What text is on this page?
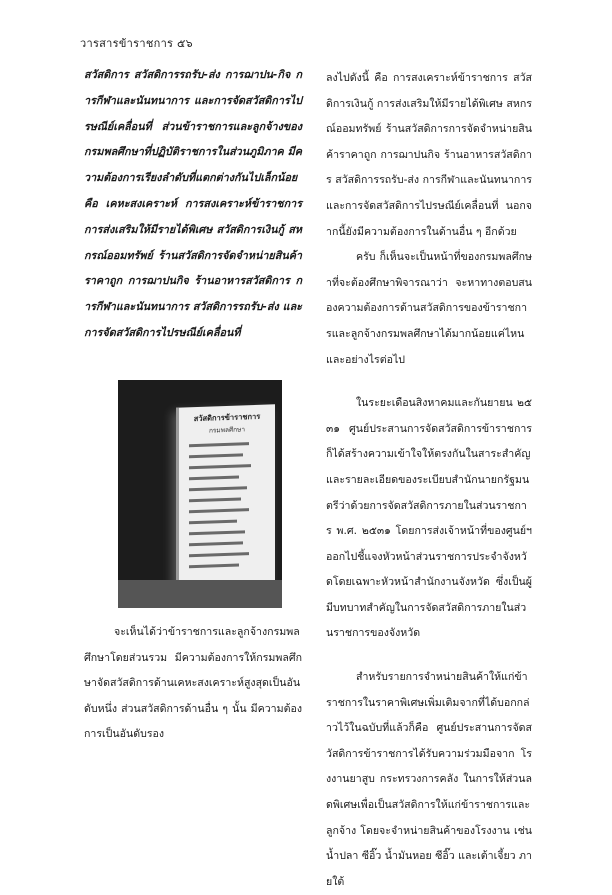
วารสารข้าราชการ ๕๖

สวัสดิการ สวัสดิการรถรับ-ส่ง การฌาปน-กิจ การกีฬาและนันทนาการ และการจัดสวัสดิการไปรษณีย์เคลื่อนที่ ส่วนข้าราชการและลูกจ้างของกรมพลศึกษาที่ปฏิบัติราชการในส่วนภูมิภาค มีความต้องการเรียงลำดับที่แตกต่างกันไปเล็กน้อย คือ เคหะสงเคราะห์ การสงเคราะห์ข้าราชการ การส่งเสริมให้มีรายได้พิเศษ สวัสดิการเงินกู้ สหกรณ์ออมทรัพย์ ร้านสวัสดิการจัดจำหน่ายสินค้าราคาถูก การฌาปนกิจ ร้านอาหารสวัสดิการ การกีฬาและนันทนาการ สวัสดิการรถรับ-ส่ง และการจัดสวัสดิการไปรษณีย์เคลื่อนที่

สวัสดิการข้าราชการ
กรมพลศึกษา

จะเห็นได้ว่าข้าราชการและลูกจ้างกรมพลศึกษาโดยส่วนรวม มีความต้องการให้กรมพลศึกษาจัดสวัสดิการด้านเคหะสงเคราะห์สูงสุดเป็นอันดับหนึ่ง ส่วนสวัสดิการด้านอื่น ๆ นั้น มีความต้องการเป็นอันดับรอง

ลงไปดังนี้ คือ การสงเคราะห์ข้าราชการ สวัสดิการเงินกู้ การส่งเสริมให้มีรายได้พิเศษ สหกรณ์ออมทรัพย์ ร้านสวัสดิการการจัดจำหน่ายสินค้าราคาถูก การฌาปนกิจ ร้านอาหารสวัสดิการ สวัสดิการรถรับ-ส่ง การกีฬาและนันทนาการ และการจัดสวัสดิการไปรษณีย์เคลื่อนที่ นอกจากนี้ยังมีความต้องการในด้านอื่น ๆ อีกด้วย

ครับ ก็เห็นจะเป็นหน้าที่ของกรมพลศึกษาที่จะต้องศึกษาพิจารณาว่า จะหาทางตอบสนองความต้องการด้านสวัสดิการของข้าราชการและลูกจ้างกรมพลศึกษาได้มากน้อยแค่ไหน และอย่างไรต่อไป

ในระยะเดือนสิงหาคมและกันยายน ๒๕๓๑ ศูนย์ประสานการจัดสวัสดิการข้าราชการก็ได้สร้างความเข้าใจให้ตรงกันในสาระสำคัญและรายละเอียดของระเบียบสำนักนายกรัฐมนตรีว่าด้วยการจัดสวัสดิการภายในส่วนราชการ พ.ศ. ๒๕๓๑ โดยการส่งเจ้าหน้าที่ของศูนย์ฯ ออกไปชี้แจงหัวหน้าส่วนราชการประจำจังหวัดโดยเฉพาะหัวหน้าสำนักงานจังหวัด ซึ่งเป็นผู้มีบทบาทสำคัญในการจัดสวัสดิการภายในส่วนราชการของจังหวัด

สำหรับรายการจำหน่ายสินค้าให้แก่ข้าราชการในราคาพิเศษเพิ่มเติมจากที่ได้บอกกล่าวไว้ในฉบับที่แล้วก็คือ ศูนย์ประสานการจัดสวัสดิการข้าราชการได้รับความร่วมมือจาก โรงงานยาสูบ กระทรวงการคลัง ในการให้ส่วนลดพิเศษเพื่อเป็นสวัสดิการให้แก่ข้าราชการและลูกจ้าง โดยจะจำหน่ายสินค้าของโรงงาน เช่น น้ำปลา ซีอิ๊ว น้ำมันหอย ซีอิ๊ว และเต้าเจี้ยว ภายใต้
